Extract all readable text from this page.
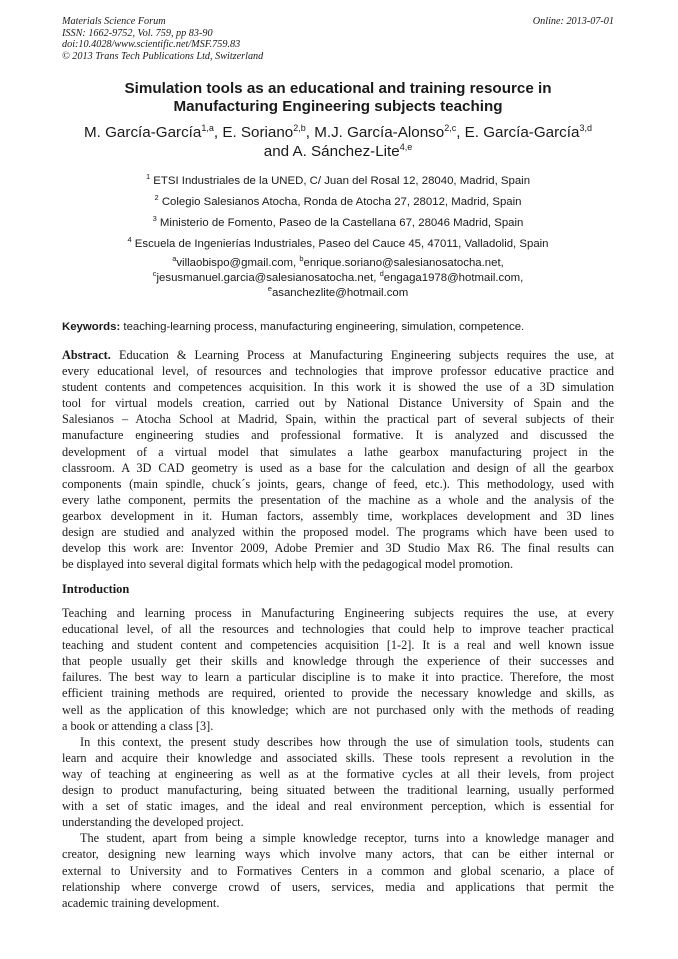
Materials Science Forum
ISSN: 1662-9752, Vol. 759, pp 83-90
doi:10.4028/www.scientific.net/MSF.759.83
© 2013 Trans Tech Publications Ltd, Switzerland
Online: 2013-07-01
Simulation tools as an educational and training resource in
Manufacturing Engineering subjects teaching
M. García-García$^{1,a}$, E. Soriano$^{2,b}$, M.J. García-Alonso$^{2,c}$, E. García-García$^{3,d}$
and A. Sánchez-Lite$^{4,e}$
$^1$ ETSI Industriales de la UNED, C/ Juan del Rosal 12, 28040, Madrid, Spain
$^2$ Colegio Salesianos Atocha, Ronda de Atocha 27, 28012, Madrid, Spain
$^3$ Ministerio de Fomento, Paseo de la Castellana 67, 28046 Madrid, Spain
$^4$ Escuela de Ingenierías Industriales, Paseo del Cauce 45, 47011, Valladolid, Spain
$^a$villaobispo@gmail.com, $^b$enrique.soriano@salesianosatocha.net,
$^c$jesusmanuel.garcia@salesianosatocha.net, $^d$engaga1978@hotmail.com,
$^e$asanchezlite@hotmail.com
Keywords: teaching-learning process, manufacturing engineering, simulation, competence.
Abstract. Education & Learning Process at Manufacturing Engineering subjects requires the use, at
every educational level, of resources and technologies that improve professor educative practice and
student contents and competences acquisition. In this work it is showed the use of a 3D simulation
tool for virtual models creation, carried out by National Distance University of Spain and the
Salesianos – Atocha School at Madrid, Spain, within the practical part of several subjects of their
manufacture engineering studies and professional formative. It is analyzed and discussed the
development of a virtual model that simulates a lathe gearbox manufacturing project in the
classroom. A 3D CAD geometry is used as a base for the calculation and design of all the gearbox
components (main spindle, chuck´s joints, gears, change of feed, etc.). This methodology, used with
every lathe component, permits the presentation of the machine as a whole and the analysis of the
gearbox development in it. Human factors, assembly time, workplaces development and 3D lines
design are studied and analyzed within the proposed model. The programs which have been used to
develop this work are: Inventor 2009, Adobe Premier and 3D Studio Max R6. The final results can
be displayed into several digital formats which help with the pedagogical model promotion.
Introduction
Teaching and learning process in Manufacturing Engineering subjects requires the use, at every
educational level, of all the resources and technologies that could help to improve teacher practical
teaching and student content and competencies acquisition [1-2]. It is a real and well known issue
that people usually get their skills and knowledge through the experience of their successes and
failures. The best way to learn a particular discipline is to make it into practice. Therefore, the most
efficient training methods are required, oriented to provide the necessary knowledge and skills, as
well as the application of this knowledge; which are not purchased only with the methods of reading
a book or attending a class [3].
In this context, the present study describes how through the use of simulation tools, students can
learn and acquire their knowledge and associated skills. These tools represent a revolution in the
way of teaching at engineering as well as at the formative cycles at all their levels, from project
design to product manufacturing, being situated between the traditional learning, usually performed
with a set of static images, and the ideal and real environment perception, which is essential for
understanding the developed project.
The student, apart from being a simple knowledge receptor, turns into a knowledge manager and
creator, designing new learning ways which involve many actors, that can be either internal or
external to University and to Formatives Centers in a common and global scenario, a place of
relationship where converge crowd of users, services, media and applications that permit the
academic training development.
